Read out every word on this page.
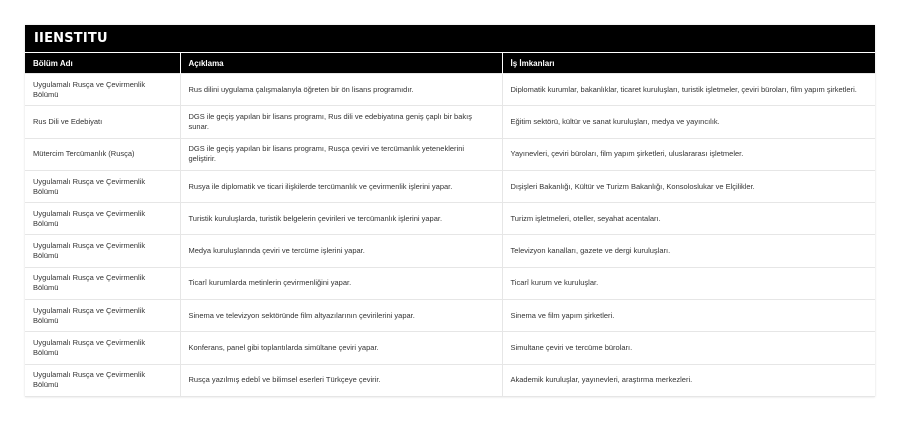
IIENSTITU
Bölüm Adı	Açıklama	İş İmkanları
Uygulamalı Rusça ve Çevirmenlik Bölümü	Rus dilini uygulama çalışmalarıyla öğreten bir ön lisans programıdır.	Diplomatik kurumlar, bakanlıklar, ticaret kuruluşları, turistik işletmeler, çeviri büroları, film yapım şirketleri.
Rus Dili ve Edebiyatı	DGS ile geçiş yapılan bir lisans programı, Rus dili ve edebiyatına geniş çaplı bir bakış sunar.	Eğitim sektörü, kültür ve sanat kuruluşları, medya ve yayıncılık.
Mütercim Tercümanlık (Rusça)	DGS ile geçiş yapılan bir lisans programı, Rusça çeviri ve tercümanlık yeteneklerini geliştirir.	Yayınevleri, çeviri büroları, film yapım şirketleri, uluslararası işletmeler.
Uygulamalı Rusça ve Çevirmenlik Bölümü	Rusya ile diplomatik ve ticari ilişkilerde tercümanlık ve çevirmenlik işlerini yapar.	Dışişleri Bakanlığı, Kültür ve Turizm Bakanlığı, Konsoloslukar ve Elçilikler.
Uygulamalı Rusça ve Çevirmenlik Bölümü	Turistik kuruluşlarda, turistik belgelerin çevirileri ve tercümanlık işlerini yapar.	Turizm işletmeleri, oteller, seyahat acentaları.
Uygulamalı Rusça ve Çevirmenlik Bölümü	Medya kuruluşlarında çeviri ve tercüme işlerini yapar.	Televizyon kanalları, gazete ve dergi kuruluşları.
Uygulamalı Rusça ve Çevirmenlik Bölümü	Ticarî kurumlarda metinlerin çevirmenliğini yapar.	Ticarî kurum ve kuruluşlar.
Uygulamalı Rusça ve Çevirmenlik Bölümü	Sinema ve televizyon sektöründe film altyazılarının çevirilerini yapar.	Sinema ve film yapım şirketleri.
Uygulamalı Rusça ve Çevirmenlik Bölümü	Konferans, panel gibi toplantılarda simültane çeviri yapar.	Simultane çeviri ve tercüme büroları.
Uygulamalı Rusça ve Çevirmenlik Bölümü	Rusça yazılmış edebî ve bilimsel eserleri Türkçeye çevirir.	Akademik kuruluşlar, yayınevleri, araştırma merkezleri.
